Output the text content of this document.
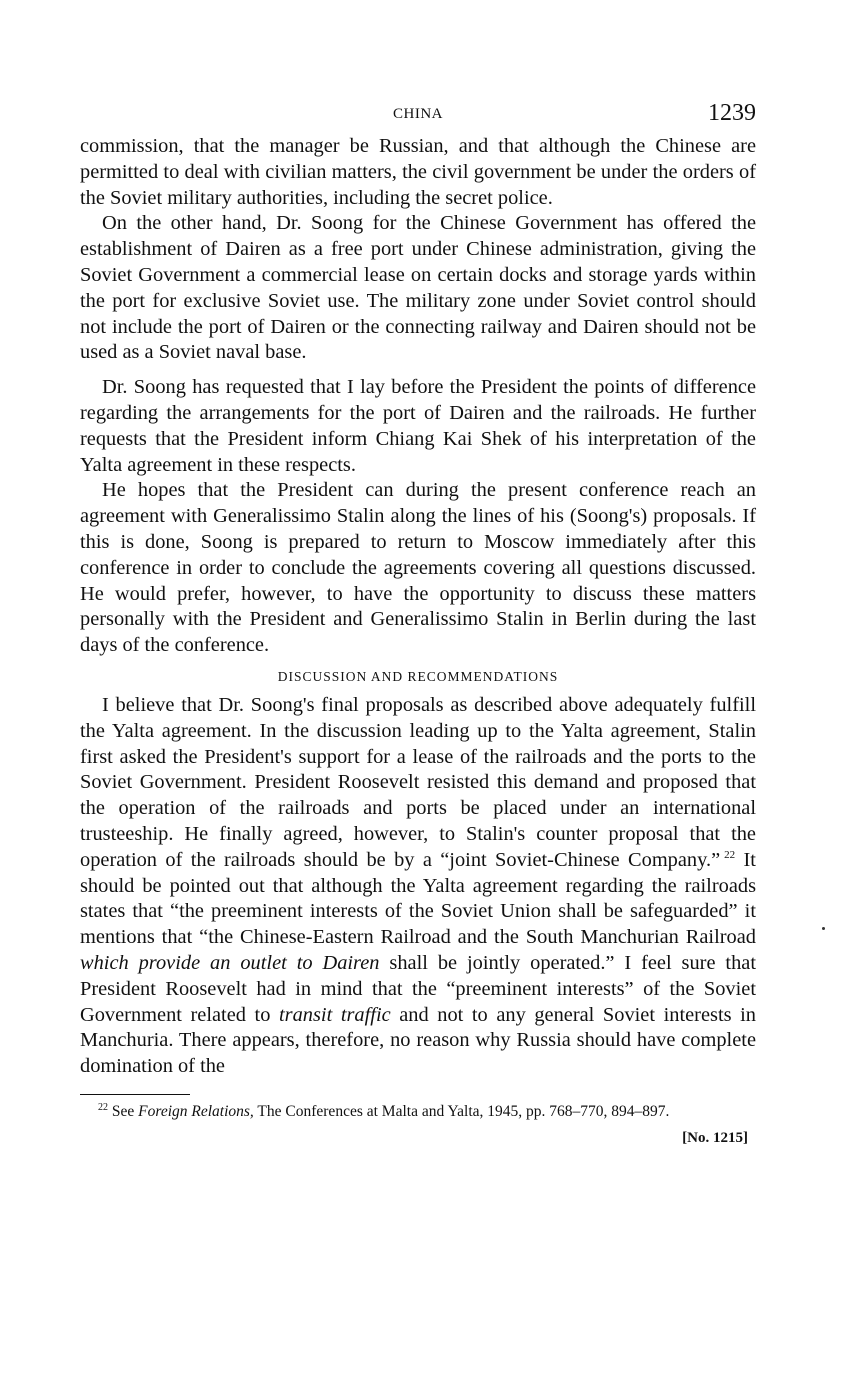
CHINA	1239

commission, that the manager be Russian, and that although the Chinese are permitted to deal with civilian matters, the civil government be under the orders of the Soviet military authorities, including the secret police.

On the other hand, Dr. Soong for the Chinese Government has offered the establishment of Dairen as a free port under Chinese administration, giving the Soviet Government a commercial lease on certain docks and storage yards within the port for exclusive Soviet use. The military zone under Soviet control should not include the port of Dairen or the connecting railway and Dairen should not be used as a Soviet naval base.

Dr. Soong has requested that I lay before the President the points of difference regarding the arrangements for the port of Dairen and the railroads. He further requests that the President inform Chiang Kai Shek of his interpretation of the Yalta agreement in these respects.

He hopes that the President can during the present conference reach an agreement with Generalissimo Stalin along the lines of his (Soong's) proposals. If this is done, Soong is prepared to return to Moscow immediately after this conference in order to conclude the agreements covering all questions discussed. He would prefer, however, to have the opportunity to discuss these matters personally with the President and Generalissimo Stalin in Berlin during the last days of the conference.

DISCUSSION AND RECOMMENDATIONS

I believe that Dr. Soong's final proposals as described above adequately fulfill the Yalta agreement. In the discussion leading up to the Yalta agreement, Stalin first asked the President's support for a lease of the railroads and the ports to the Soviet Government. President Roosevelt resisted this demand and proposed that the operation of the railroads and ports be placed under an international trusteeship. He finally agreed, however, to Stalin's counter proposal that the operation of the railroads should be by a “joint Soviet-Chinese Company.” $^{22}$ It should be pointed out that although the Yalta agreement regarding the railroads states that “the preeminent interests of the Soviet Union shall be safeguarded” it mentions that “the Chinese-Eastern Railroad and the South Manchurian Railroad which provide an outlet to Dairen shall be jointly operated.” I feel sure that President Roosevelt had in mind that the “preeminent interests” of the Soviet Government related to transit traffic and not to any general Soviet interests in Manchuria. There appears, therefore, no reason why Russia should have complete domination of the

$^{22}$ See Foreign Relations, The Conferences at Malta and Yalta, 1945, pp. 768–770, 894–897.
[No. 1215]
